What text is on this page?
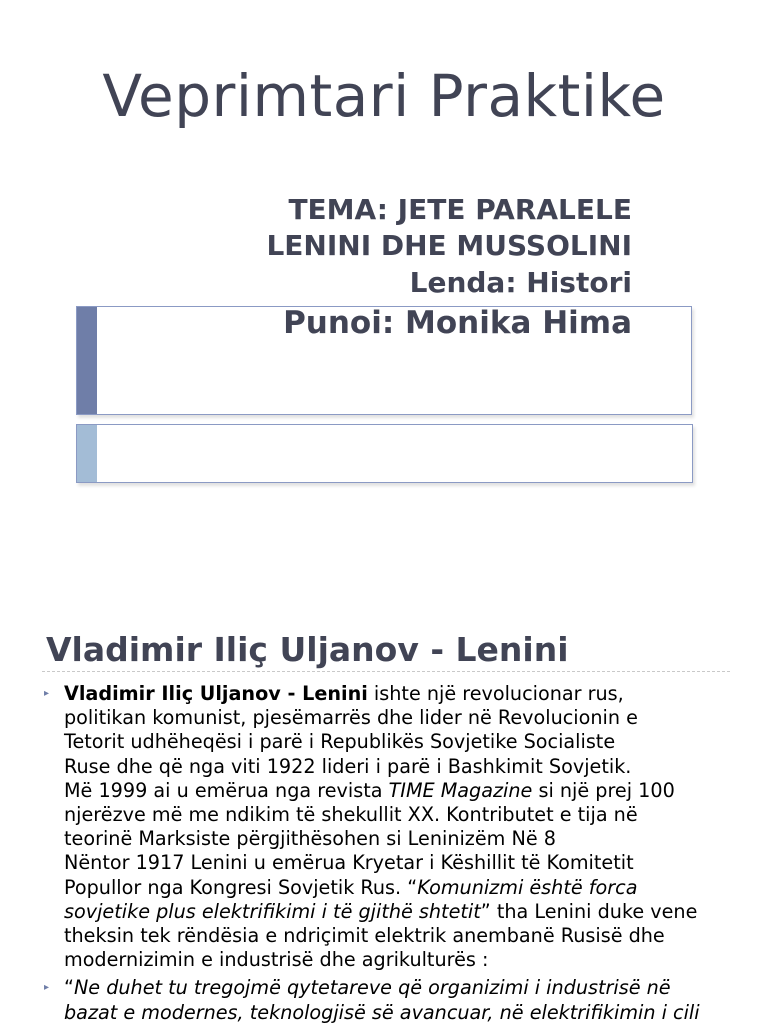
Veprimtari Praktike
TEMA: JETE PARALELE
LENINI DHE MUSSOLINI
Lenda: Histori
Punoi: Monika Hima
Vladimir Iliç Uljanov - Lenini
▸ Vladimir Iliç Uljanov - Lenini ishte një revolucionar rus,
politikan komunist, pjesëmarrës dhe lider në Revolucionin e
Tetorit udhëheqësi i parë i Republikës Sovjetike Socialiste
Ruse dhe që nga viti 1922 lideri i parë i Bashkimit Sovjetik.
Më 1999 ai u emërua nga revista TIME Magazine si një prej 100
njerëzve më me ndikim të shekullit XX. Kontributet e tija në
teorinë Marksiste përgjithësohen si Leninizëm Në 8
Nëntor 1917 Lenini u emërua Kryetar i Këshillit të Komitetit
Popullor nga Kongresi Sovjetik Rus. “Komunizmi është forca
sovjetike plus elektrifikimi i të gjithë shtetit” tha Lenini duke vene
theksin tek rëndësia e ndriçimit elektrik anembanë Rusisë dhe
modernizimin e industrisë dhe agrikulturës :
▸ “Ne duhet tu tregojmë qytetareve që organizimi i industrisë në
bazat e modernes, teknologjisë së avancuar, në elektrifikimin i cili
